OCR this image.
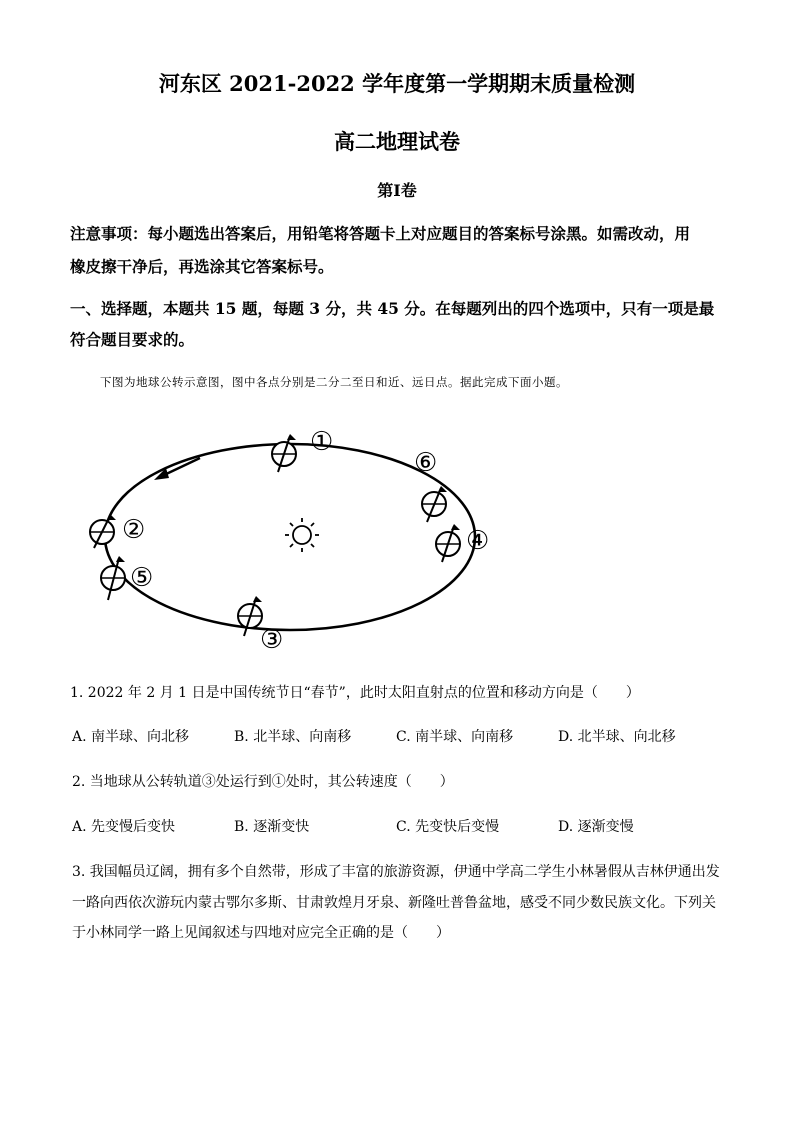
河东区 2021-2022 学年度第一学期期末质量检测
高二地理试卷
第Ⅰ卷
注意事项：每小题选出答案后，用铅笔将答题卡上对应题目的答案标号涂黑。如需改动，用
橡皮擦干净后，再选涂其它答案标号。
一、选择题，本题共 15 题，每题 3 分，共 45 分。在每题列出的四个选项中，只有一项是最
符合题目要求的。
下图为地球公转示意图，图中各点分别是二分二至日和近、远日点。据此完成下面小题。
①
②
③
④
⑤
⑥
1. 2022 年 2 月 1 日是中国传统节日“春节”，此时太阳直射点的位置和移动方向是（　　）
A. 南半球、向北移	B. 北半球、向南移	C. 南半球、向南移	D. 北半球、向北移
2. 当地球从公转轨道③处运行到①处时，其公转速度（　　）
A. 先变慢后变快	B. 逐渐变快	C. 先变快后变慢	D. 逐渐变慢
3. 我国幅员辽阔，拥有多个自然带，形成了丰富的旅游资源，伊通中学高二学生小林暑假从吉林伊通出发
一路向西依次游玩内蒙古鄂尔多斯、甘肃敦煌月牙泉、新隆吐普鲁盆地，感受不同少数民族文化。下列关
于小林同学一路上见闻叙述与四地对应完全正确的是（　　）
